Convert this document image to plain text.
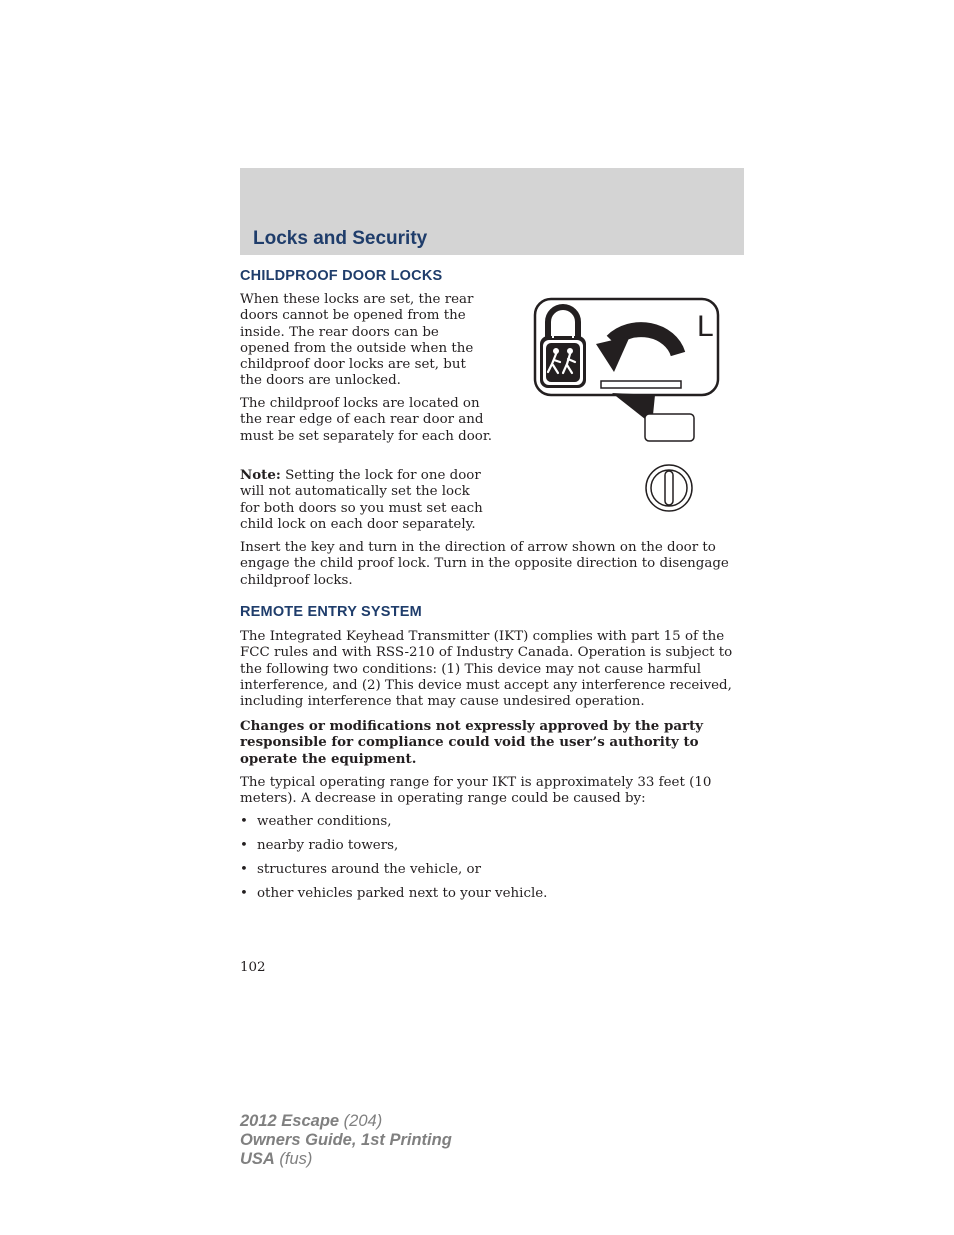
Locks and Security
CHILDPROOF DOOR LOCKS

When these locks are set, the rear doors cannot be opened from the inside. The rear doors can be opened from the outside when the childproof door locks are set, but the doors are unlocked.

The childproof locks are located on the rear edge of each rear door and must be set separately for each door.

Note: Setting the lock for one door will not automatically set the lock for both doors so you must set each child lock on each door separately.

Insert the key and turn in the direction of arrow shown on the door to engage the child proof lock. Turn in the opposite direction to disengage childproof locks.

L
REMOTE ENTRY SYSTEM

The Integrated Keyhead Transmitter (IKT) complies with part 15 of the FCC rules and with RSS-210 of Industry Canada. Operation is subject to the following two conditions: (1) This device may not cause harmful interference, and (2) This device must accept any interference received, including interference that may cause undesired operation.

Changes or modifications not expressly approved by the party responsible for compliance could void the user’s authority to operate the equipment.

The typical operating range for your IKT is approximately 33 feet (10 meters). A decrease in operating range could be caused by:

• weather conditions,
• nearby radio towers,
• structures around the vehicle, or
• other vehicles parked next to your vehicle.
102
2012 Escape (204)
Owners Guide, 1st Printing
USA (fus)
